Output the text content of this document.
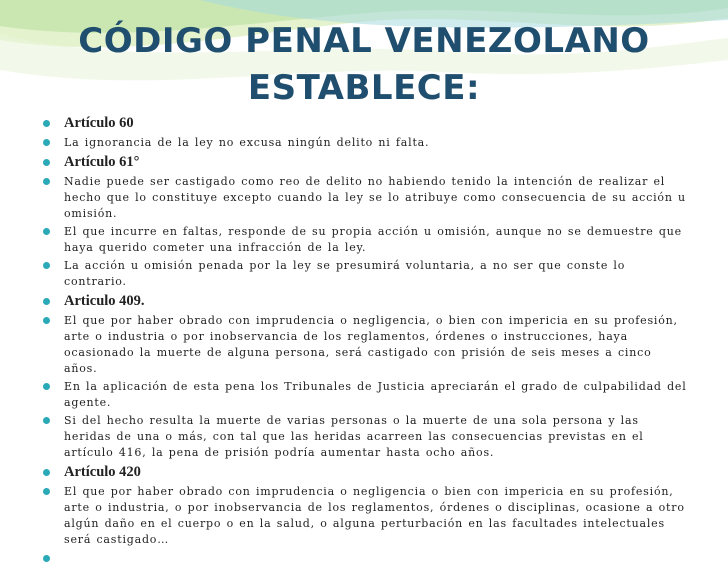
CÓDIGO PENAL VENEZOLANO ESTABLECE:
Artículo 60
La ignorancia de la ley no excusa ningún delito ni falta.
Artículo 61°
Nadie puede ser castigado como reo de delito no habiendo tenido la intención de realizar el hecho que lo constituye excepto cuando la ley se lo atribuye como consecuencia de su acción u omisión.
El que incurre en faltas, responde de su propia acción u omisión, aunque no se demuestre que haya querido cometer una infracción de la ley.
La acción u omisión penada por la ley se presumirá voluntaria, a no ser que conste lo contrario.
Articulo 409.
El que por haber obrado con imprudencia o negligencia, o bien con impericia en su profesión, arte o industria o por inobservancia de los reglamentos, órdenes o instrucciones, haya ocasionado la muerte de alguna persona, será castigado con prisión de seis meses a cinco años.
En la aplicación de esta pena los Tribunales de Justicia apreciarán el grado de culpabilidad del agente.
Si del hecho resulta la muerte de varias personas o la muerte de una sola persona y las heridas de una o más, con tal que las heridas acarreen las consecuencias previstas en el artículo 416, la pena de prisión podría aumentar hasta ocho años.
Artículo 420
El que por haber obrado con imprudencia o negligencia o bien con impericia en su profesión, arte o industria, o por inobservancia de los reglamentos, órdenes o disciplinas, ocasione a otro algún daño en el cuerpo o en la salud, o alguna perturbación en las facultades intelectuales será castigado…
